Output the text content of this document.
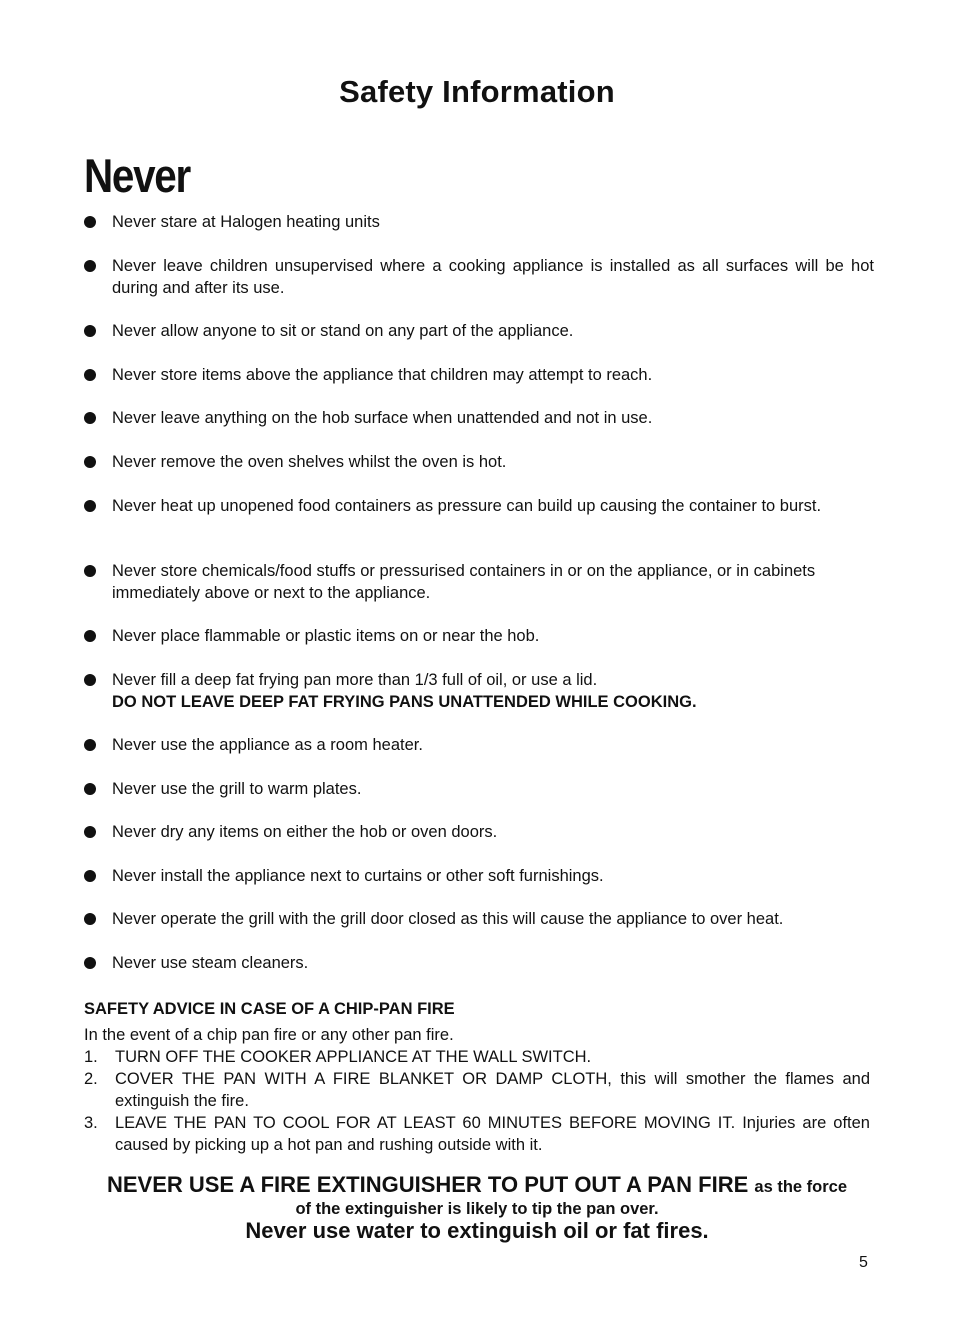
Safety Information
Never
Never stare at Halogen heating units
Never leave children unsupervised where a cooking appliance is installed as all surfaces will be hot during and after its use.
Never allow anyone to sit or stand on any part of the appliance.
Never store items above the appliance that children may attempt to reach.
Never leave anything on the hob surface when unattended and not in use.
Never remove the oven shelves whilst the oven is hot.
Never heat up unopened food containers as pressure can build up causing the container to burst.
Never store chemicals/food stuffs or pressurised containers in or on the appliance, or in cabinets immediately above or next to the appliance.
Never place flammable or plastic items on or near the hob.
Never fill a deep fat frying pan more than 1/3 full of oil, or use a lid.
DO NOT LEAVE DEEP FAT FRYING PANS UNATTENDED WHILE COOKING.
Never use the appliance as a room heater.
Never use the grill to warm plates.
Never dry any items on either the hob or oven doors.
Never install the appliance next to curtains or other soft furnishings.
Never operate the grill with the grill door closed as this will cause the appliance to over heat.
Never use steam cleaners.
SAFETY ADVICE IN CASE OF A CHIP-PAN FIRE
In the event of a chip pan fire or any other pan fire.
1. TURN OFF THE COOKER APPLIANCE AT THE WALL SWITCH.
2. COVER THE PAN WITH A FIRE BLANKET OR DAMP CLOTH, this will smother the flames and extinguish the fire.
3. LEAVE THE PAN TO COOL FOR AT LEAST 60 MINUTES BEFORE MOVING IT. Injuries are often caused by picking up a hot pan and rushing outside with it.
NEVER USE A FIRE EXTINGUISHER TO PUT OUT A PAN FIRE as the force
of the extinguisher is likely to tip the pan over.
Never use water to extinguish oil or fat fires.
5
